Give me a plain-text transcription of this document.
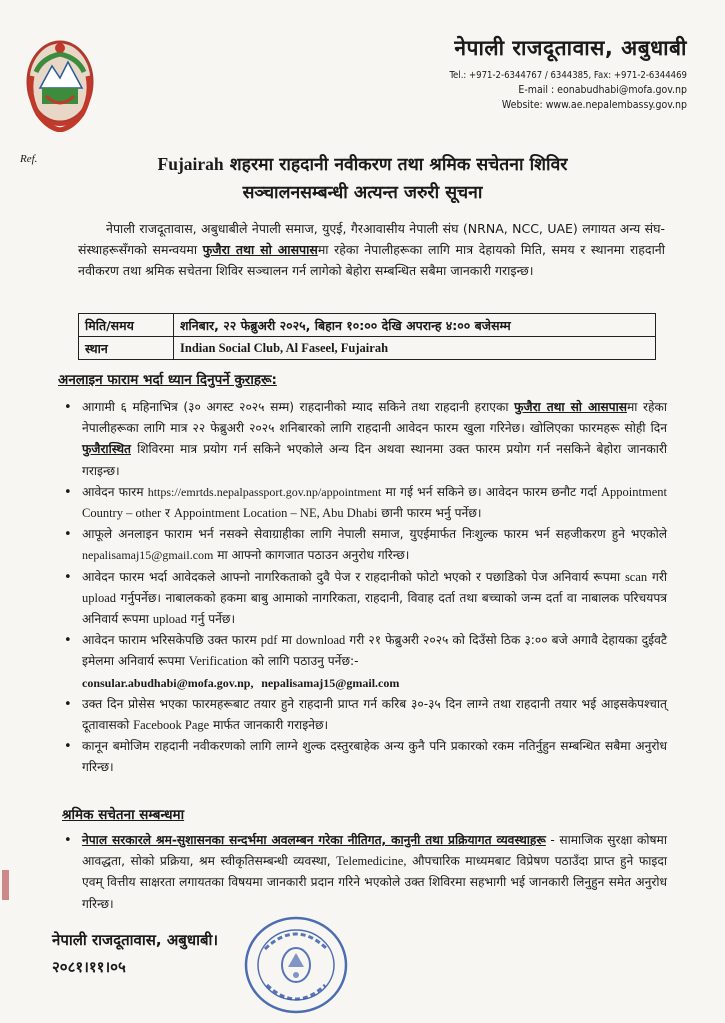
नेपाली राजदूतावास, अबुधाबी
Tel.: +971-2-6344767 / 6344385, Fax: +971-2-6344469
E-mail : eonabudhabi@mofa.gov.np
Website: www.ae.nepalembassy.gov.np
Ref.	Fujairah शहरमा राहदानी नवीकरण तथा श्रमिक सचेतना शिविर
सञ्चालनसम्बन्धी अत्यन्त जरुरी सूचना
नेपाली राजदूतावास, अबुधाबीले नेपाली समाज, युएई, गैरआवासीय नेपाली संघ (NRNA, NCC, UAE) लगायत अन्य संघ-संस्थाहरूसँगको समन्वयमा फुजैरा तथा सो आसपासमा रहेका नेपालीहरूका लागि मात्र देहायको मिति, समय र स्थानमा राहदानी नवीकरण तथा श्रमिक सचेतना शिविर सञ्चालन गर्न लागेको बेहोरा सम्बन्धित सबैमा जानकारी गराइन्छ।
मिति/समय	शनिबार, २२ फेब्रुअरी २०२५, बिहान १०:०० देखि अपरान्ह ४:०० बजेसम्म
स्थान	Indian Social Club, Al Faseel, Fujairah
अनलाइन फाराम भर्दा ध्यान दिनुपर्ने कुराहरू:
• आगामी ६ महिनाभित्र (३० अगस्ट २०२५ सम्म) राहदानीको म्याद सकिने तथा राहदानी हराएका फुजैरा तथा सो आसपासमा रहेका नेपालीहरूका लागि मात्र २२ फेब्रुअरी २०२५ शनिबारको लागि राहदानी आवेदन फारम खुला गरिनेछ। खोलिएका फारमहरू सोही दिन फुजैरास्थित शिविरमा मात्र प्रयोग गर्न सकिने भएकोले अन्य दिन अथवा स्थानमा उक्त फारम प्रयोग गर्न नसकिने बेहोरा जानकारी गराइन्छ।
• आवेदन फारम https://emrtds.nepalpassport.gov.np/appointment मा गई भर्न सकिने छ। आवेदन फारम छनौट गर्दा Appointment Country – other र Appointment Location – NE, Abu Dhabi छानी फारम भर्नु पर्नेछ।
• आफूले अनलाइन फाराम भर्न नसक्ने सेवाग्राहीका लागि नेपाली समाज, युएईमार्फत निःशुल्क फारम भर्न सहजीकरण हुने भएकोले nepalisamaj15@gmail.com मा आफ्नो कागजात पठाउन अनुरोध गरिन्छ।
• आवेदन फारम भर्दा आवेदकले आफ्नो नागरिकताको दुवै पेज र राहदानीको फोटो भएको र पछाडिको पेज अनिवार्य रूपमा scan गरी upload गर्नुपर्नेछ। नाबालकको हकमा बाबु आमाको नागरिकता, राहदानी, विवाह दर्ता तथा बच्चाको जन्म दर्ता वा नाबालक परिचयपत्र अनिवार्य रूपमा upload गर्नु पर्नेछ।
• आवेदन फाराम भरिसकेपछि उक्त फारम pdf मा download गरी २१ फेब्रुअरी २०२५ को दिउँसो ठिक ३:०० बजे अगावै देहायका दुईवटै इमेलमा अनिवार्य रूपमा Verification को लागि पठाउनु पर्नेछ:-
consular.abudhabi@mofa.gov.np, nepalisamaj15@gmail.com
• उक्त दिन प्रोसेस भएका फारमहरूबाट तयार हुने राहदानी प्राप्त गर्न करिब ३०-३५ दिन लाग्ने तथा राहदानी तयार भई आइसकेपश्चात् दूतावासको Facebook Page मार्फत जानकारी गराइनेछ।
• कानून बमोजिम राहदानी नवीकरणको लागि लाग्ने शुल्क दस्तुरबाहेक अन्य कुनै पनि प्रकारको रकम नतिर्नुहुन सम्बन्धित सबैमा अनुरोध गरिन्छ।
श्रमिक सचेतना सम्बन्धमा
• नेपाल सरकारले श्रम-सुशासनका सन्दर्भमा अवलम्बन गरेका नीतिगत, कानुनी तथा प्रक्रियागत व्यवस्थाहरू - सामाजिक सुरक्षा कोषमा आवद्धता, सोको प्रक्रिया, श्रम स्वीकृतिसम्बन्धी व्यवस्था, Telemedicine, औपचारिक माध्यमबाट विप्रेषण पठाउँदा प्राप्त हुने फाइदा एवम् वित्तीय साक्षरता लगायतका विषयमा जानकारी प्रदान गरिने भएकोले उक्त शिविरमा सहभागी भई जानकारी लिनुहुन समेत अनुरोध गरिन्छ।
नेपाली राजदूतावास, अबुधाबी।
२०८१।११।०५
